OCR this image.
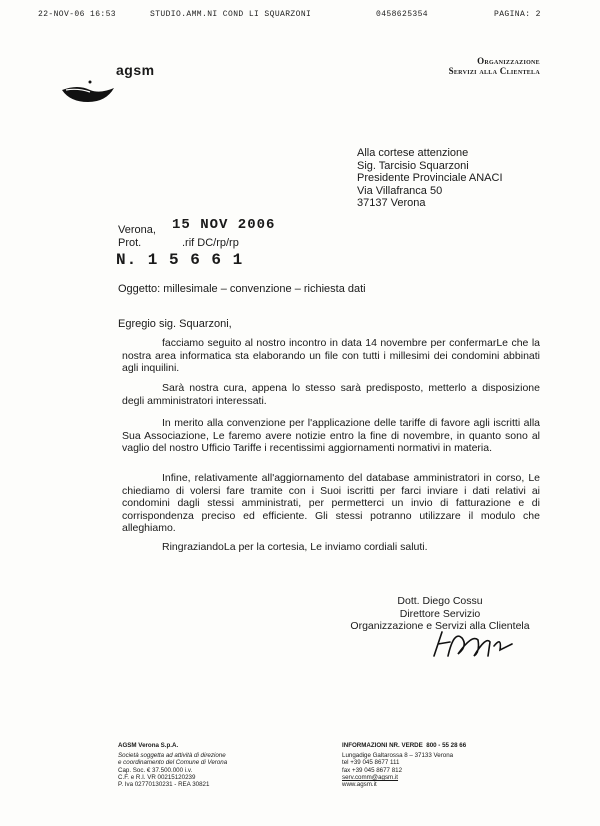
22-NOV-06 16:53	STUDIO.AMM.NI COND LI SQUARZONI	0458625354	PAGINA: 2
Organizzazione
Servizi alla Clientela
agsm
Alla cortese attenzione
Sig. Tarcisio Squarzoni
Presidente Provinciale ANACI
Via Villafranca 50
37137 Verona
Verona, 15 NOV 2006
Prot.	.rif DC/rp/rp
N. 1 5 6 6 1
Oggetto: millesimale – convenzione – richiesta dati
Egregio sig. Squarzoni,

facciamo seguito al nostro incontro in data 14 novembre per confermarLe che la nostra area informatica sta elaborando un file con tutti i millesimi dei condomini abbinati agli inquilini.

Sarà nostra cura, appena lo stesso sarà predisposto, metterlo a disposizione degli amministratori interessati.

In merito alla convenzione per l'applicazione delle tariffe di favore agli iscritti alla Sua Associazione, Le faremo avere notizie entro la fine di novembre, in quanto sono al vaglio del nostro Ufficio Tariffe i recentissimi aggiornamenti normativi in materia.

Infine, relativamente all'aggiornamento del database amministratori in corso, Le chiediamo di volersi fare tramite con i Suoi iscritti per farci inviare i dati relativi ai condomini dagli stessi amministrati, per permetterci un invio di fatturazione e di corrispondenza preciso ed efficiente. Gli stessi potranno utilizzare il modulo che alleghiamo.

RingraziandoLa per la cortesia, Le inviamo cordiali saluti.

Dott. Diego Cossu
Direttore Servizio
Organizzazione e Servizi alla Clientela
AGSM Verona S.p.A.
Società soggetta ad attività di direzione
e coordinamento del Comune di Verona
Cap. Soc. € 37.500.000 i.v.
C.F. e R.I. VR 00215120239
P. Iva 02770130231 - REA 30821
INFORMAZIONI NR. VERDE 800 - 55 28 66
Lungadige Galtarossa 8 – 37133 Verona
tel +39 045 8677 111
fax +39 045 8677 812
serv.comm@agsm.it
www.agsm.it
